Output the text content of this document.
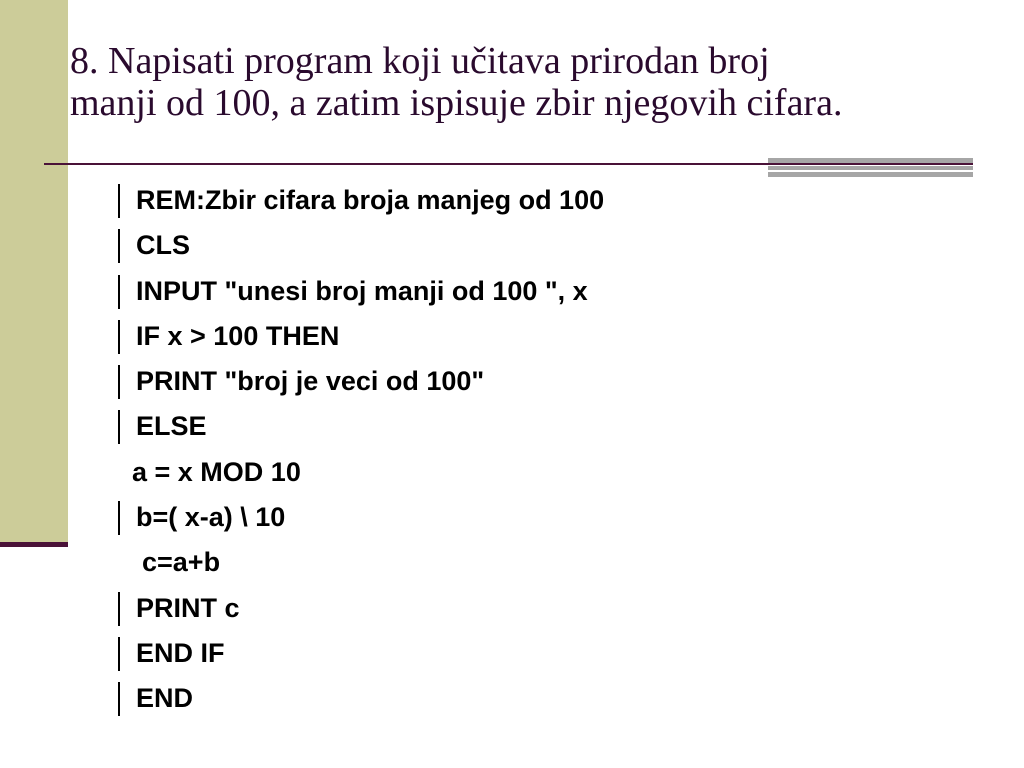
8. Napisati program koji učitava prirodan broj
manji od 100, a zatim ispisuje zbir njegovih cifara.
REM:Zbir cifara broja manjeg od 100
CLS
INPUT "unesi broj manji od 100 ", x
IF x > 100 THEN
PRINT "broj je veci od 100"
ELSE
a = x MOD 10
b=( x-a) \ 10
c=a+b
PRINT c
END IF
END
